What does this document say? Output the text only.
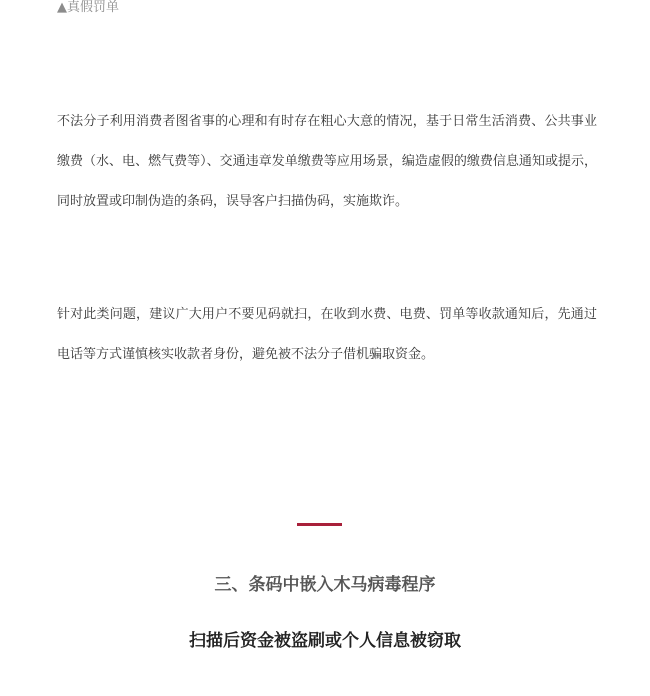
▲真假罚单

不法分子利用消费者图省事的心理和有时存在粗心大意的情况，基于日常生活消费、公共事业缴费（水、电、燃气费等）、交通违章发单缴费等应用场景，编造虚假的缴费信息通知或提示，同时放置或印制伪造的条码，误导客户扫描伪码，实施欺诈。

针对此类问题，建议广大用户不要见码就扫，在收到水费、电费、罚单等收款通知后，先通过电话等方式谨慎核实收款者身份，避免被不法分子借机骗取资金。

三、条码中嵌入木马病毒程序
扫描后资金被盗刷或个人信息被窃取
